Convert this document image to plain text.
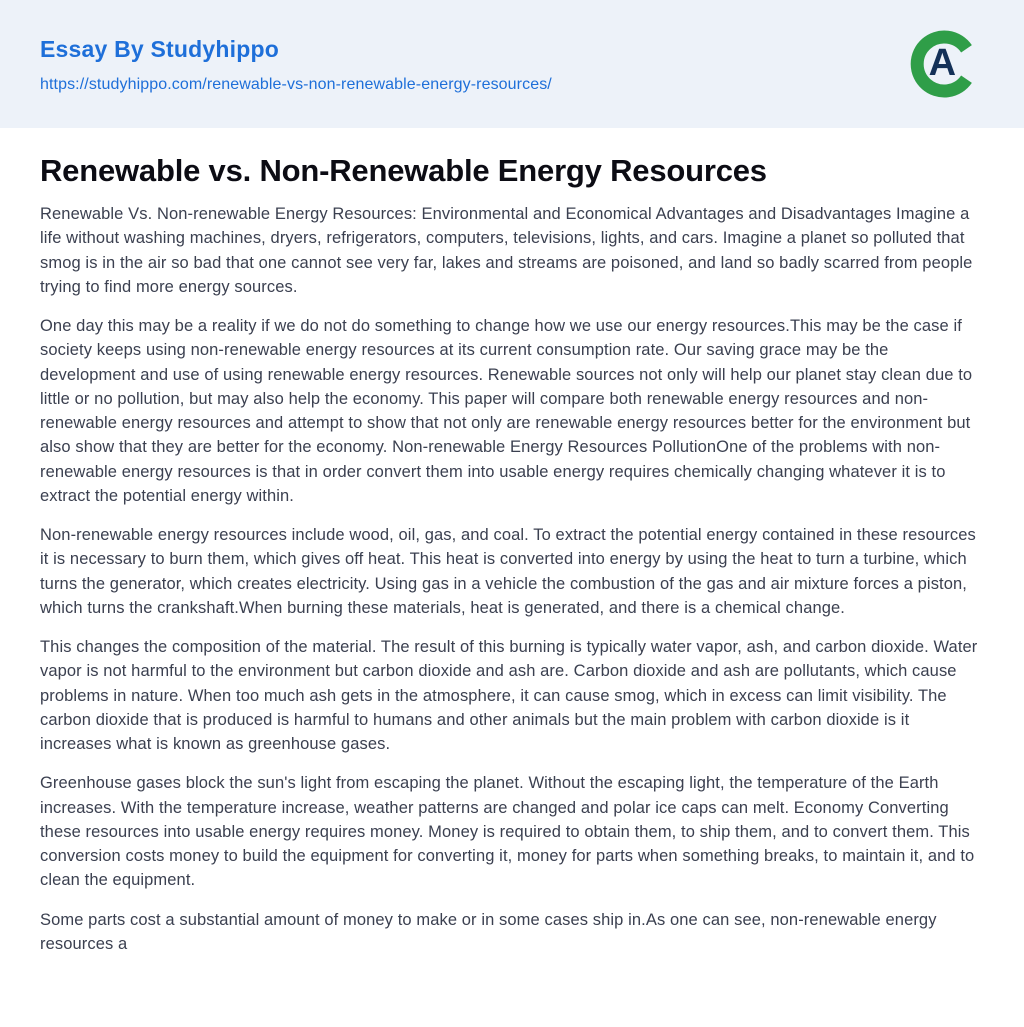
Essay By Studyhippo
https://studyhippo.com/renewable-vs-non-renewable-energy-resources/
A
Renewable vs. Non-Renewable Energy Resources

Renewable Vs. Non-renewable Energy Resources: Environmental and Economical Advantages and Disadvantages Imagine a life without washing machines, dryers, refrigerators, computers, televisions, lights, and cars. Imagine a planet so polluted that smog is in the air so bad that one cannot see very far, lakes and streams are poisoned, and land so badly scarred from people trying to find more energy sources.

One day this may be a reality if we do not do something to change how we use our energy resources.This may be the case if society keeps using non-renewable energy resources at its current consumption rate. Our saving grace may be the development and use of using renewable energy resources. Renewable sources not only will help our planet stay clean due to little or no pollution, but may also help the economy. This paper will compare both renewable energy resources and non-renewable energy resources and attempt to show that not only are renewable energy resources better for the environment but also show that they are better for the economy. Non-renewable Energy Resources PollutionOne of the problems with non-renewable energy resources is that in order convert them into usable energy requires chemically changing whatever it is to extract the potential energy within.

Non-renewable energy resources include wood, oil, gas, and coal. To extract the potential energy contained in these resources it is necessary to burn them, which gives off heat. This heat is converted into energy by using the heat to turn a turbine, which turns the generator, which creates electricity. Using gas in a vehicle the combustion of the gas and air mixture forces a piston, which turns the crankshaft.When burning these materials, heat is generated, and there is a chemical change.

This changes the composition of the material. The result of this burning is typically water vapor, ash, and carbon dioxide. Water vapor is not harmful to the environment but carbon dioxide and ash are. Carbon dioxide and ash are pollutants, which cause problems in nature. When too much ash gets in the atmosphere, it can cause smog, which in excess can limit visibility. The carbon dioxide that is produced is harmful to humans and other animals but the main problem with carbon dioxide is it increases what is known as greenhouse gases.

Greenhouse gases block the sun's light from escaping the planet. Without the escaping light, the temperature of the Earth increases. With the temperature increase, weather patterns are changed and polar ice caps can melt. Economy Converting these resources into usable energy requires money. Money is required to obtain them, to ship them, and to convert them. This conversion costs money to build the equipment for converting it, money for parts when something breaks, to maintain it, and to clean the equipment.

Some parts cost a substantial amount of money to make or in some cases ship in.As one can see, non-renewable energy resources a
